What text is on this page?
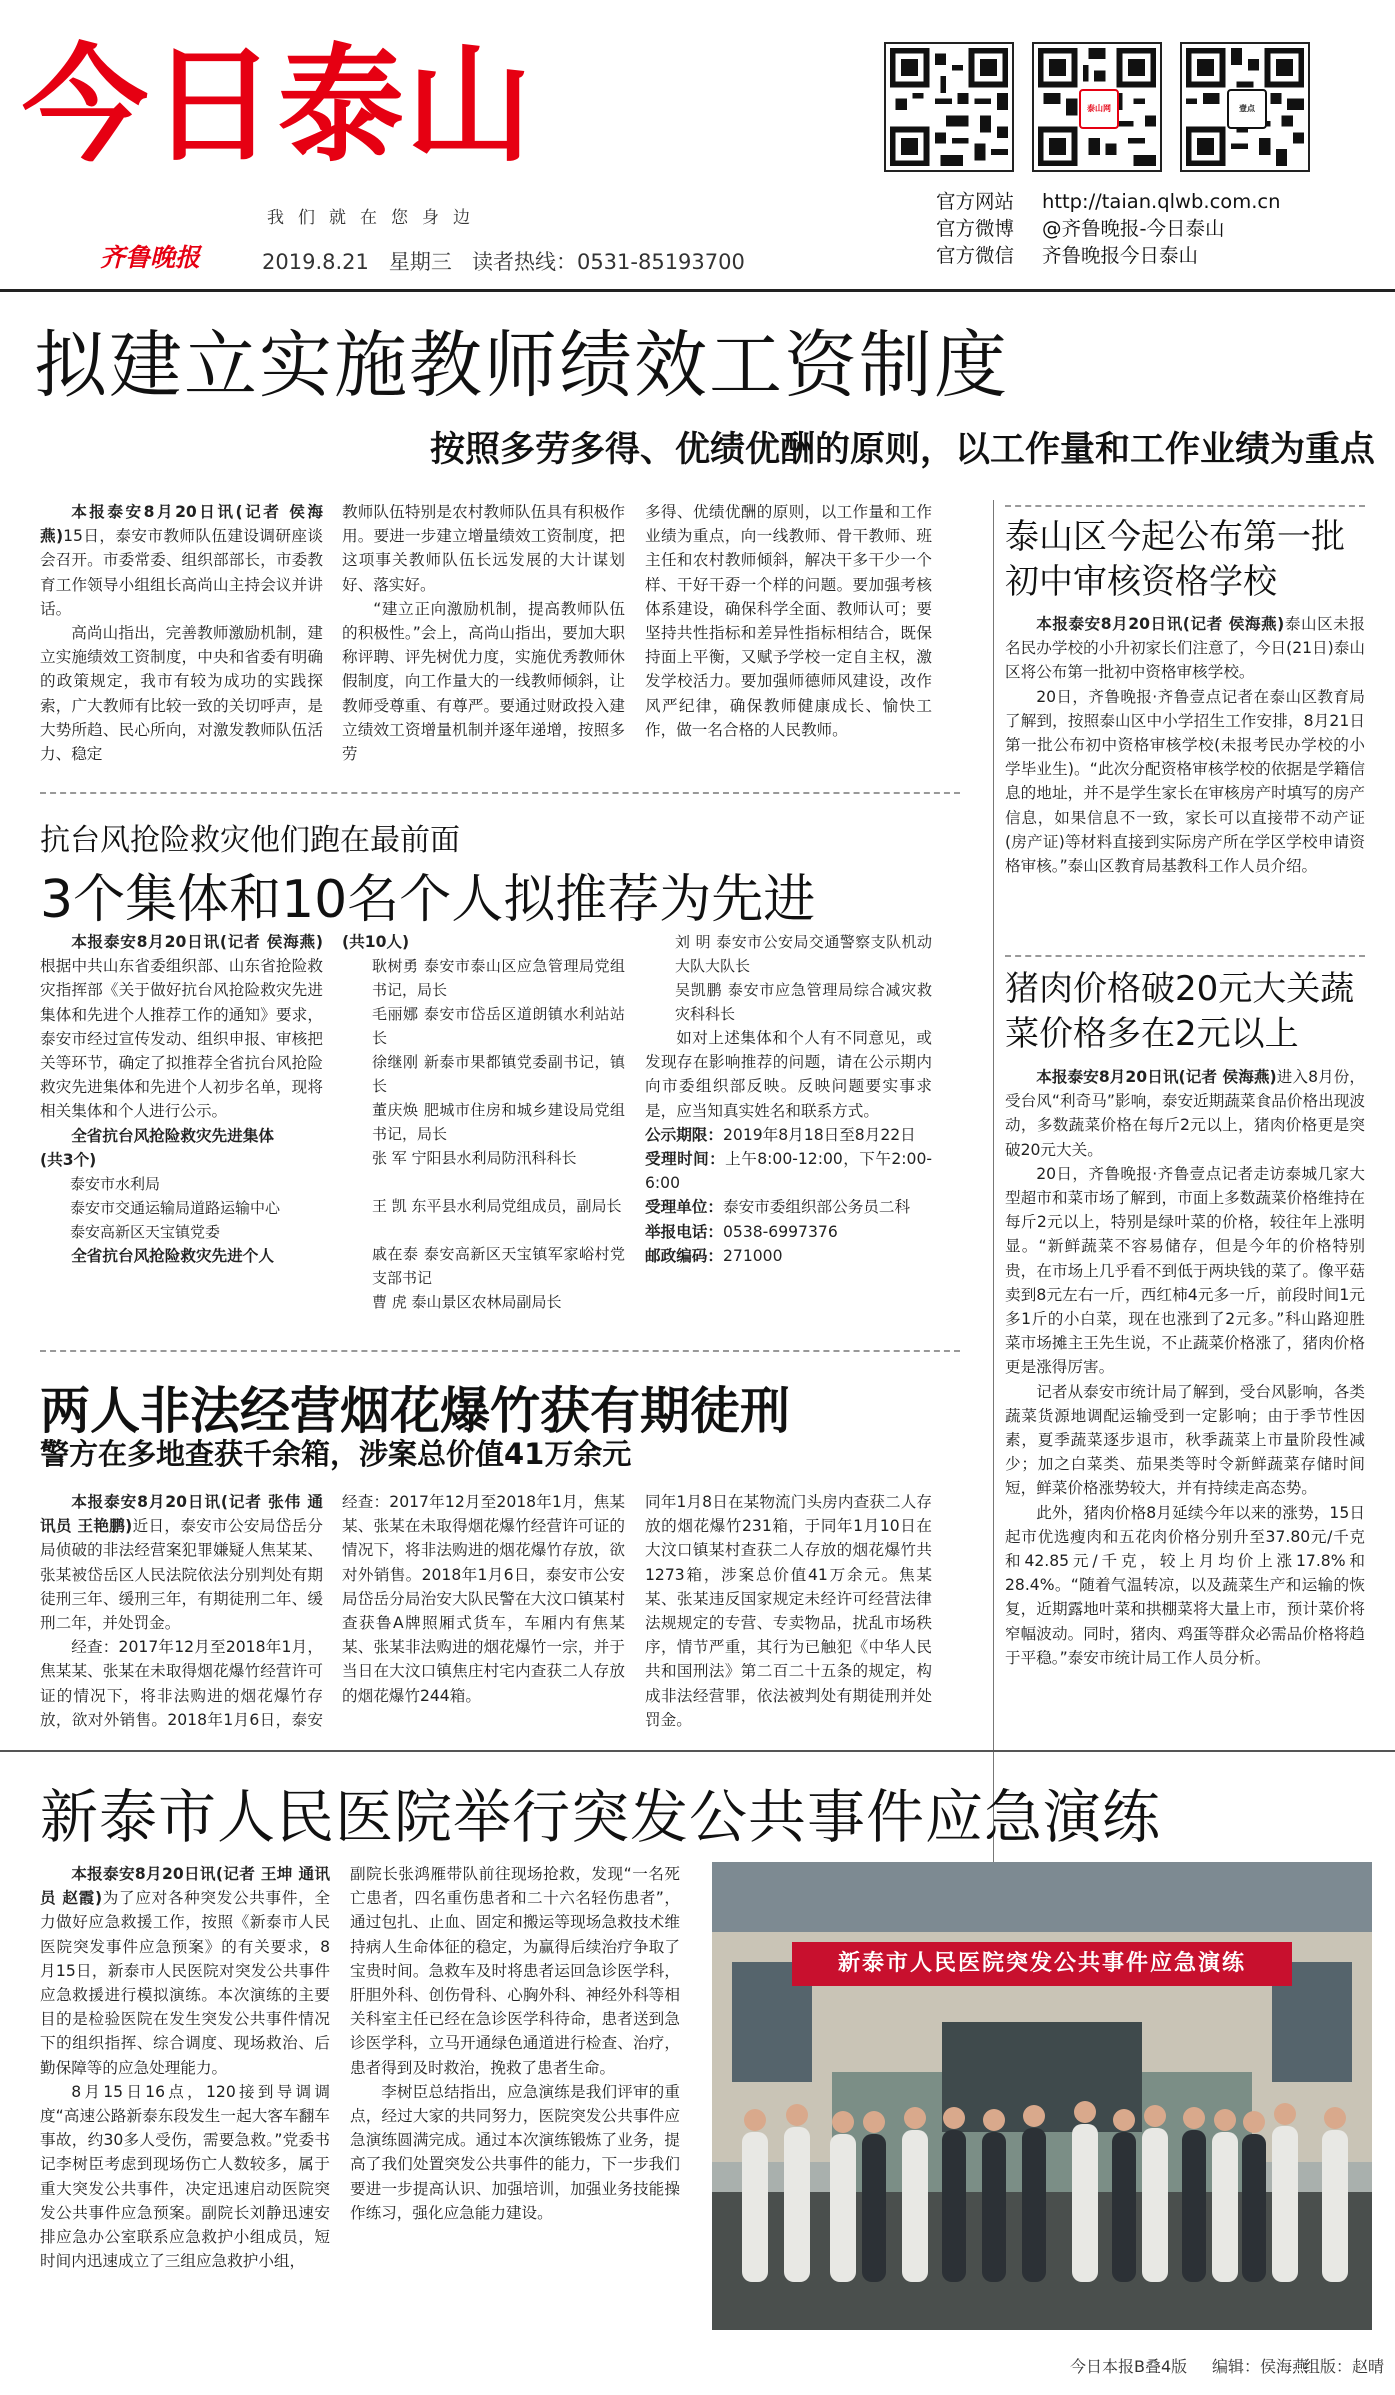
今日泰山
我们就在您身边
齐鲁晚报	2019.8.21 星期三 读者热线：0531-85193700
泰山网	壹点
官方网站 http://taian.qlwb.com.cn
官方微博 @齐鲁晚报-今日泰山
官方微信 齐鲁晚报今日泰山
拟建立实施教师绩效工资制度
按照多劳多得、优绩优酬的原则，以工作量和工作业绩为重点

本报泰安8月20日讯(记者 侯海燕)15日，泰安市教师队伍建设调研座谈会召开。市委常委、组织部部长，市委教育工作领导小组组长高尚山主持会议并讲话。

高尚山指出，完善教师激励机制，建立实施绩效工资制度，中央和省委有明确的政策规定，我市有较为成功的实践探索，广大教师有比较一致的关切呼声，是大势所趋、民心所向，对激发教师队伍活力、稳定

教师队伍特别是农村教师队伍具有积极作用。要进一步建立增量绩效工资制度，把这项事关教师队伍长远发展的大计谋划好、落实好。

“建立正向激励机制，提高教师队伍的积极性。”会上，高尚山指出，要加大职称评聘、评先树优力度，实施优秀教师休假制度，向工作量大的一线教师倾斜，让教师受尊重、有尊严。要通过财政投入建立绩效工资增量机制并逐年递增，按照多劳

多得、优绩优酬的原则，以工作量和工作业绩为重点，向一线教师、骨干教师、班主任和农村教师倾斜，解决干多干少一个样、干好干孬一个样的问题。要加强考核体系建设，确保科学全面、教师认可；要坚持共性指标和差异性指标相结合，既保持面上平衡，又赋予学校一定自主权，激发学校活力。要加强师德师风建设，改作风严纪律，确保教师健康成长、愉快工作，做一名合格的人民教师。

抗台风抢险救灾他们跑在最前面
3个集体和10名个人拟推荐为先进

本报泰安8月20日讯(记者 侯海燕)根据中共山东省委组织部、山东省抢险救灾指挥部《关于做好抗台风抢险救灾先进集体和先进个人推荐工作的通知》要求，泰安市经过宣传发动、组织申报、审核把关等环节，确定了拟推荐全省抗台风抢险救灾先进集体和先进个人初步名单，现将相关集体和个人进行公示。

全省抗台风抢险救灾先进集体
(共3个)
泰安市水利局
泰安市交通运输局道路运输中心
泰安高新区天宝镇党委
全省抗台风抢险救灾先进个人
(共10人)
耿树勇 泰安市泰山区应急管理局党组书记，局长
毛丽娜 泰安市岱岳区道朗镇水利站站长
徐继刚 新泰市果都镇党委副书记，镇长
董庆焕 肥城市住房和城乡建设局党组书记，局长
张 军 宁阳县水利局防汛科科长
王 凯 东平县水利局党组成员，副局长
戚在泰 泰安高新区天宝镇军家峪村党支部书记
曹 虎 泰山景区农林局副局长
刘 明 泰安市公安局交通警察支队机动大队大队长
吴凯鹏 泰安市应急管理局综合减灾救灾科科长

如对上述集体和个人有不同意见，或发现存在影响推荐的问题，请在公示期内向市委组织部反映。反映问题要实事求是，应当知真实姓名和联系方式。

公示期限：2019年8月18日至8月22日
受理时间：上午8:00-12:00，下午2:00-6:00
受理单位：泰安市委组织部公务员二科
举报电话：0538-6997376
邮政编码：271000
两人非法经营烟花爆竹获有期徒刑
警方在多地查获千余箱，涉案总价值41万余元

本报泰安8月20日讯(记者 张伟 通讯员 王艳鹏)近日，泰安市公安局岱岳分局侦破的非法经营案犯罪嫌疑人焦某某、张某被岱岳区人民法院依法分别判处有期徒刑三年、缓刑三年，有期徒刑二年、缓刑二年，并处罚金。

经查：2017年12月至2018年1月，焦某某、张某在未取得烟花爆竹经营许可证的情况下，将非法购进的烟花爆竹存放，欲对外销售。2018年1月6日，泰安

经查：2017年12月至2018年1月，焦某某、张某在未取得烟花爆竹经营许可证的情况下，将非法购进的烟花爆竹存放，欲对外销售。2018年1月6日，泰安市公安局岱岳分局治安大队民警在大汶口镇某村查获鲁A牌照厢式货车，车厢内有焦某某、张某非法购进的烟花爆竹一宗，并于当日在大汶口镇焦庄村宅内查获二人存放的烟花爆竹244箱。

同年1月8日在某物流门头房内查获二人存放的烟花爆竹231箱，于同年1月10日在大汶口镇某村查获二人存放的烟花爆竹共1273箱，涉案总价值41万余元。焦某某、张某违反国家规定未经许可经营法律法规规定的专营、专卖物品，扰乱市场秩序，情节严重，其行为已触犯《中华人民共和国刑法》第二百二十五条的规定，构成非法经营罪，依法被判处有期徒刑并处罚金。

泰山区今起公布第一批初中审核资格学校

本报泰安8月20日讯(记者 侯海燕)泰山区未报名民办学校的小升初家长们注意了，今日(21日)泰山区将公布第一批初中资格审核学校。

20日，齐鲁晚报·齐鲁壹点记者在泰山区教育局了解到，按照泰山区中小学招生工作安排，8月21日第一批公布初中资格审核学校(未报考民办学校的小学毕业生)。“此次分配资格审核学校的依据是学籍信息的地址，并不是学生家长在审核房产时填写的房产信息，如果信息不一致，家长可以直接带不动产证(房产证)等材料直接到实际房产所在学区学校申请资格审核。”泰山区教育局基教科工作人员介绍。

猪肉价格破20元大关蔬菜价格多在2元以上

本报泰安8月20日讯(记者 侯海燕)进入8月份，受台风“利奇马”影响，泰安近期蔬菜食品价格出现波动，多数蔬菜价格在每斤2元以上，猪肉价格更是突破20元大关。

20日，齐鲁晚报·齐鲁壹点记者走访泰城几家大型超市和菜市场了解到，市面上多数蔬菜价格维持在每斤2元以上，特别是绿叶菜的价格，较往年上涨明显。“新鲜蔬菜不容易储存，但是今年的价格特别贵，在市场上几乎看不到低于两块钱的菜了。像平菇卖到8元左右一斤，西红柿4元多一斤，前段时间1元多1斤的小白菜，现在也涨到了2元多。”科山路迎胜菜市场摊主王先生说，不止蔬菜价格涨了，猪肉价格更是涨得厉害。

记者从泰安市统计局了解到，受台风影响，各类蔬菜货源地调配运输受到一定影响；由于季节性因素，夏季蔬菜逐步退市，秋季蔬菜上市量阶段性减少；加之白菜类、茄果类等时令新鲜蔬菜存储时间短，鲜菜价格涨势较大，并有持续走高态势。

此外，猪肉价格8月延续今年以来的涨势，15日起市优选瘦肉和五花肉价格分别升至37.80元/千克和42.85元/千克，较上月均价上涨17.8%和28.4%。“随着气温转凉，以及蔬菜生产和运输的恢复，近期露地叶菜和拱棚菜将大量上市，预计菜价将窄幅波动。同时，猪肉、鸡蛋等群众必需品价格将趋于平稳。”泰安市统计局工作人员分析。

新泰市人民医院举行突发公共事件应急演练

本报泰安8月20日讯(记者 王坤 通讯员 赵霞)为了应对各种突发公共事件，全力做好应急救援工作，按照《新泰市人民医院突发事件应急预案》的有关要求，8月15日，新泰市人民医院对突发公共事件应急救援进行模拟演练。本次演练的主要目的是检验医院在发生突发公共事件情况下的组织指挥、综合调度、现场救治、后勤保障等的应急处理能力。

8月15日16点，120接到导调调度“高速公路新泰东段发生一起大客车翻车事故，约30多人受伤，需要急救。”党委书记李树臣考虑到现场伤亡人数较多，属于重大突发公共事件，决定迅速启动医院突发公共事件应急预案。副院长刘静迅速安排应急办公室联系应急救护小组成员，短时间内迅速成立了三组应急救护小组，

副院长张鸿雁带队前往现场抢救，发现“一名死亡患者，四名重伤患者和二十六名轻伤患者”，通过包扎、止血、固定和搬运等现场急救技术维持病人生命体征的稳定，为赢得后续治疗争取了宝贵时间。急救车及时将患者运回急诊医学科，肝胆外科、创伤骨科、心胸外科、神经外科等相关科室主任已经在急诊医学科待命，患者送到急诊医学科，立马开通绿色通道进行检查、治疗，患者得到及时救治，挽救了患者生命。

李树臣总结指出，应急演练是我们评审的重点，经过大家的共同努力，医院突发公共事件应急演练圆满完成。通过本次演练锻炼了业务，提高了我们处置突发公共事件的能力，下一步我们要进一步提高认识、加强培训，加强业务技能操作练习，强化应急能力建设。

新泰市人民医院突发公共事件应急演练
今日本报B叠4版 编辑：侯海燕
组版：赵晴
